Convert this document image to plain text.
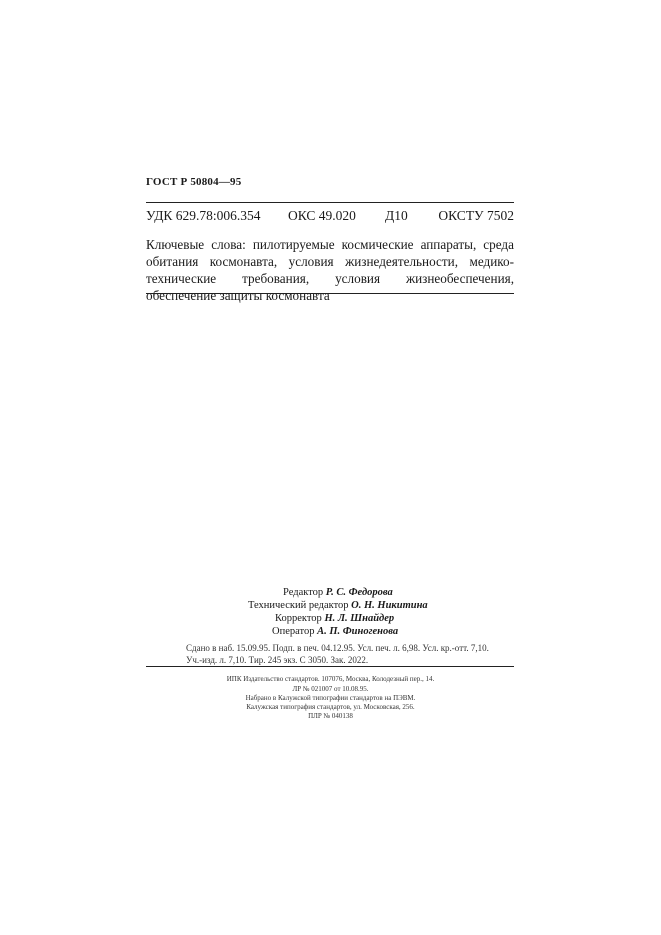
ГОСТ Р 50804—95
УДК 629.78:006.354 ОКС 49.020 Д10 ОКСТУ 7502
Ключевые слова: пилотируемые космические аппараты, среда обитания космонавта, условия жизнедеятельности, медико-технические требования, условия жизнеобеспечения, обеспечение защиты космонавта
Редактор Р. С. Федорова
Технический редактор О. Н. Никитина
Корректор Н. Л. Шнайдер
Оператор А. П. Финогенова
Сдано в наб. 15.09.95. Подп. в печ. 04.12.95. Усл. печ. л. 6,98. Усл. кр.-отт. 7,10.
Уч.-изд. л. 7,10. Тир. 245 экз. С 3050. Зак. 2022.
ИПК Издательство стандартов. 107076, Москва, Колодезный пер., 14.
ЛР № 021007 от 10.08.95.
Набрано в Калужской типографии стандартов на ПЭВМ.
Калужская типография стандартов, ул. Московская, 256.
ПЛР № 040138
